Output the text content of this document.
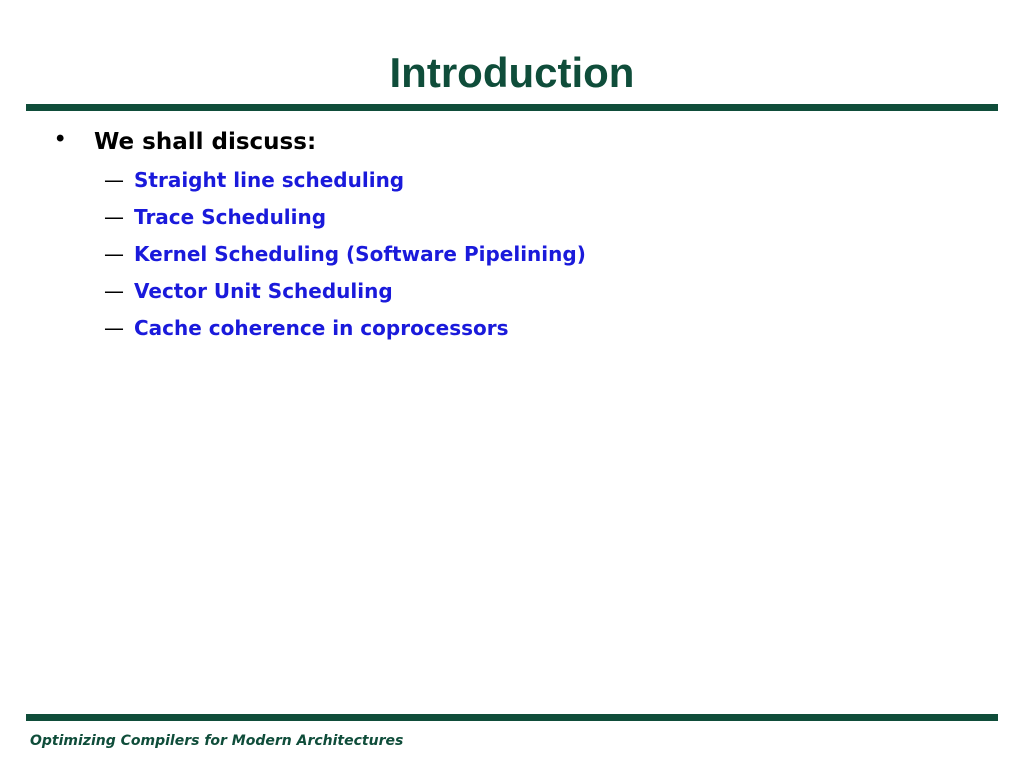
Introduction
•	We shall discuss:
— Straight line scheduling
— Trace Scheduling
— Kernel Scheduling (Software Pipelining)
— Vector Unit Scheduling
— Cache coherence in coprocessors
Optimizing Compilers for Modern Architectures
